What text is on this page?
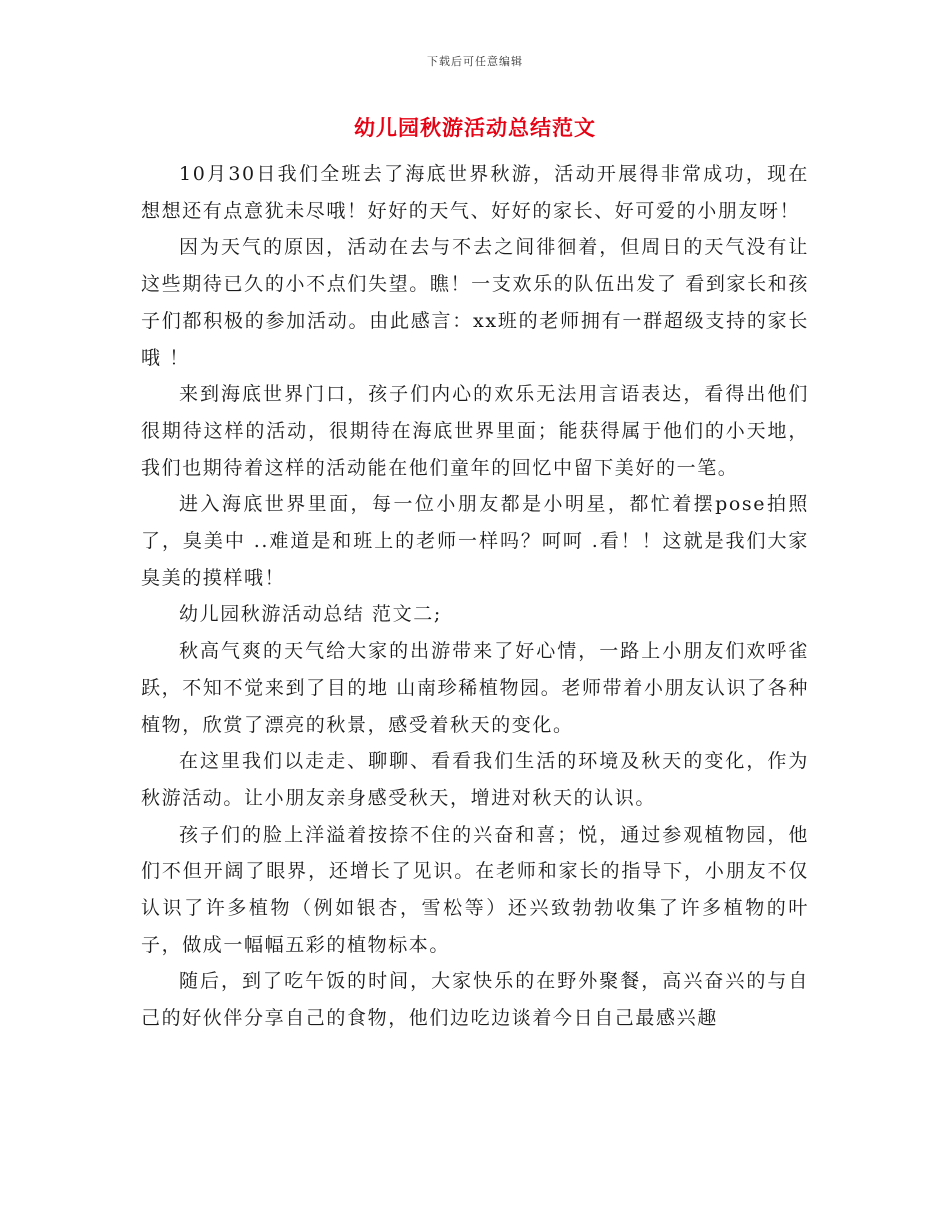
下载后可任意编辑
幼儿园秋游活动总结范文

10月30日我们全班去了海底世界秋游，活动开展得非常成功，现在想想还有点意犹未尽哦！好好的天气、好好的家长、好可爱的小朋友呀！

因为天气的原因，活动在去与不去之间徘徊着，但周日的天气没有让这些期待已久的小不点们失望。瞧！一支欢乐的队伍出发了 看到家长和孩子们都积极的参加活动。由此感言：xx班的老师拥有一群超级支持的家长哦 ！

来到海底世界门口，孩子们内心的欢乐无法用言语表达，看得出他们很期待这样的活动，很期待在海底世界里面；能获得属于他们的小天地，我们也期待着这样的活动能在他们童年的回忆中留下美好的一笔。

进入海底世界里面，每一位小朋友都是小明星，都忙着摆pose拍照了，臭美中 ..难道是和班上的老师一样吗？呵呵 .看！！这就是我们大家臭美的摸样哦！

幼儿园秋游活动总结 范文二;

秋高气爽的天气给大家的出游带来了好心情，一路上小朋友们欢呼雀跃，不知不觉来到了目的地 山南珍稀植物园。老师带着小朋友认识了各种植物，欣赏了漂亮的秋景，感受着秋天的变化。

在这里我们以走走、聊聊、看看我们生活的环境及秋天的变化，作为秋游活动。让小朋友亲身感受秋天，增进对秋天的认识。

孩子们的脸上洋溢着按捺不住的兴奋和喜；悦，通过参观植物园，他们不但开阔了眼界，还增长了见识。在老师和家长的指导下，小朋友不仅认识了许多植物（例如银杏，雪松等）还兴致勃勃收集了许多植物的叶子，做成一幅幅五彩的植物标本。

随后，到了吃午饭的时间，大家快乐的在野外聚餐，高兴奋兴的与自己的好伙伴分享自己的食物，他们边吃边谈着今日自己最感兴趣
